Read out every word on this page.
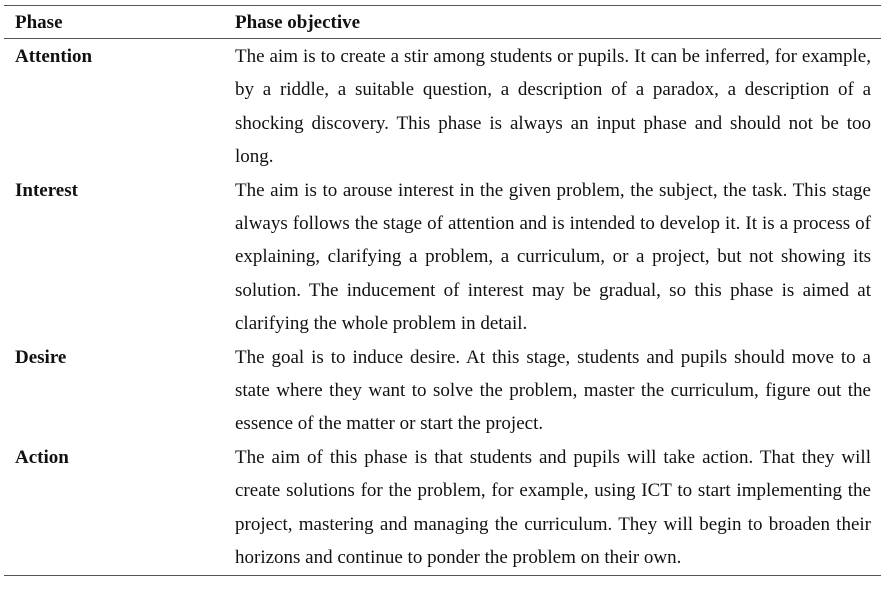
Phase	Phase objective
Attention	The aim is to create a stir among students or pupils. It can be inferred, for example, by a riddle, a suitable question, a description of a paradox, a description of a shocking discovery. This phase is always an input phase and should not be too long.
Interest	The aim is to arouse interest in the given problem, the subject, the task. This stage always follows the stage of attention and is intended to develop it. It is a process of explaining, clarifying a problem, a curriculum, or a project, but not showing its solution. The inducement of interest may be gradual, so this phase is aimed at clarifying the whole problem in detail.
Desire	The goal is to induce desire. At this stage, students and pupils should move to a state where they want to solve the problem, master the curriculum, figure out the essence of the matter or start the project.
Action	The aim of this phase is that students and pupils will take action. That they will create solutions for the problem, for example, using ICT to start implementing the project, mastering and managing the curriculum. They will begin to broaden their horizons and continue to ponder the problem on their own.
